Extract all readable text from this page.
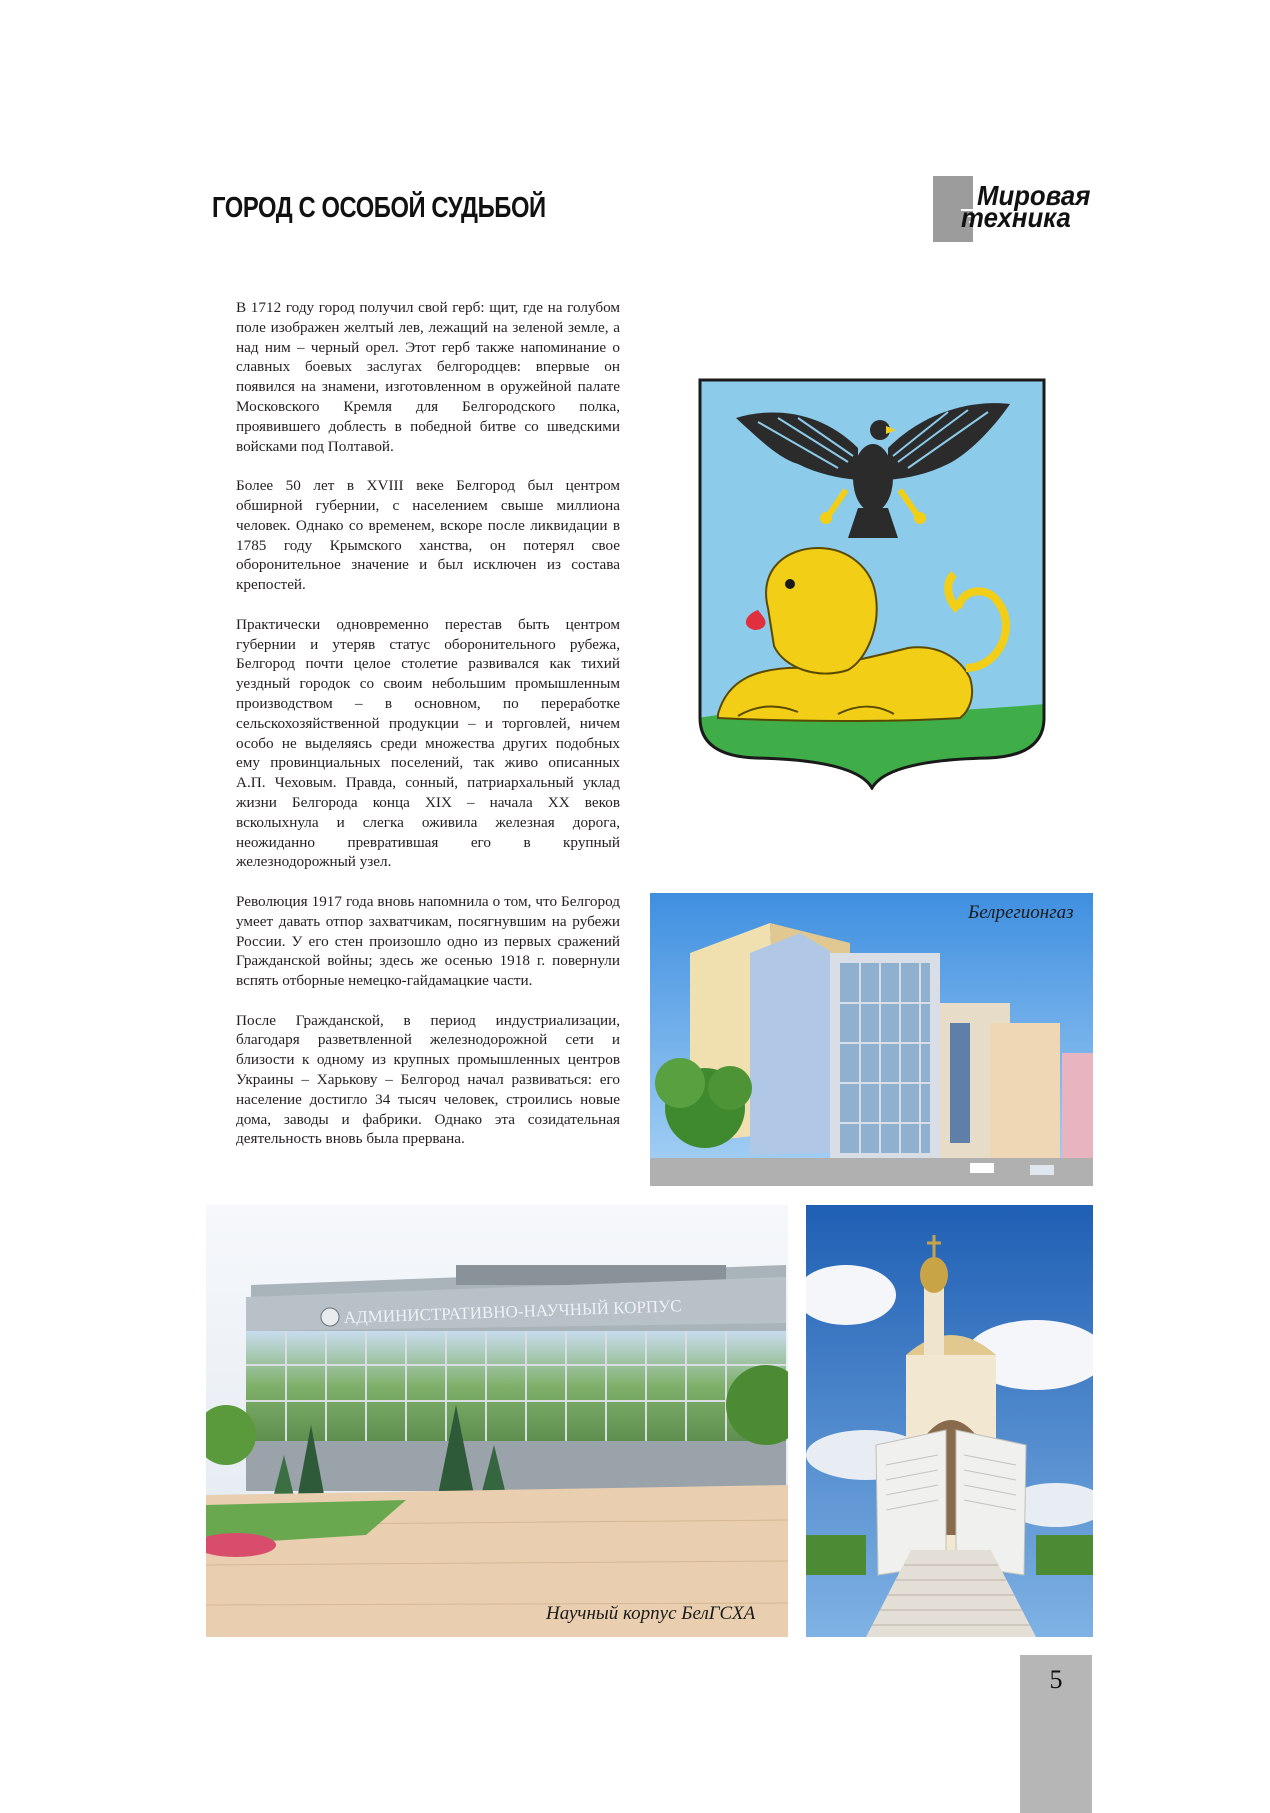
ГОРОД С ОСОБОЙ СУДЬБОЙ	Мировая
техника

В 1712 году город получил свой герб: щит, где на голубом поле изображен желтый лев, лежащий на зеленой земле, а над ним – черный орел. Этот герб также напоминание о славных боевых заслугах белгородцев: впервые он появился на знамени, изготовленном в оружейной палате Московского Кремля для Белгородского полка, проявившего доблесть в победной битве со шведскими войсками под Полтавой.

Более 50 лет в XVIII веке Белгород был центром обширной губернии, с населением свыше миллиона человек. Однако со временем, вскоре после ликвидации в 1785 году Крымского ханства, он потерял свое оборонительное значение и был исключен из состава крепостей.

Практически одновременно перестав быть центром губернии и утеряв статус оборонительного рубежа, Белгород почти целое столетие развивался как тихий уездный городок со своим небольшим промышленным производством – в основном, по переработке сельскохозяйственной продукции – и торговлей, ничем особо не выделяясь среди множества других подобных ему провинциальных поселений, так живо описанных А.П. Чеховым. Правда, сонный, патриархальный уклад жизни Белгорода конца XIX – начала XX веков всколыхнула и слегка оживила железная дорога, неожиданно превратившая его в крупный железнодорожный узел.

Революция 1917 года вновь напомнила о том, что Белгород умеет давать отпор захватчикам, посягнувшим на рубежи России. У его стен произошло одно из первых сражений Гражданской войны; здесь же осенью 1918 г. повернули вспять отборные немецко-гайдамацкие части.

После Гражданской, в период индустриализации, благодаря разветвленной железнодорожной сети и близости к одному из крупных промышленных центров Украины – Харькову – Белгород начал развиваться: его население достигло 34 тысяч человек, строились новые дома, заводы и фабрики. Однако эта созидательная деятельность вновь была прервана.

Белрегионгаз
АДМИНИСТРАТИВНО-НАУЧНЫЙ КОРПУС
Научный корпус БелГСХА
5
